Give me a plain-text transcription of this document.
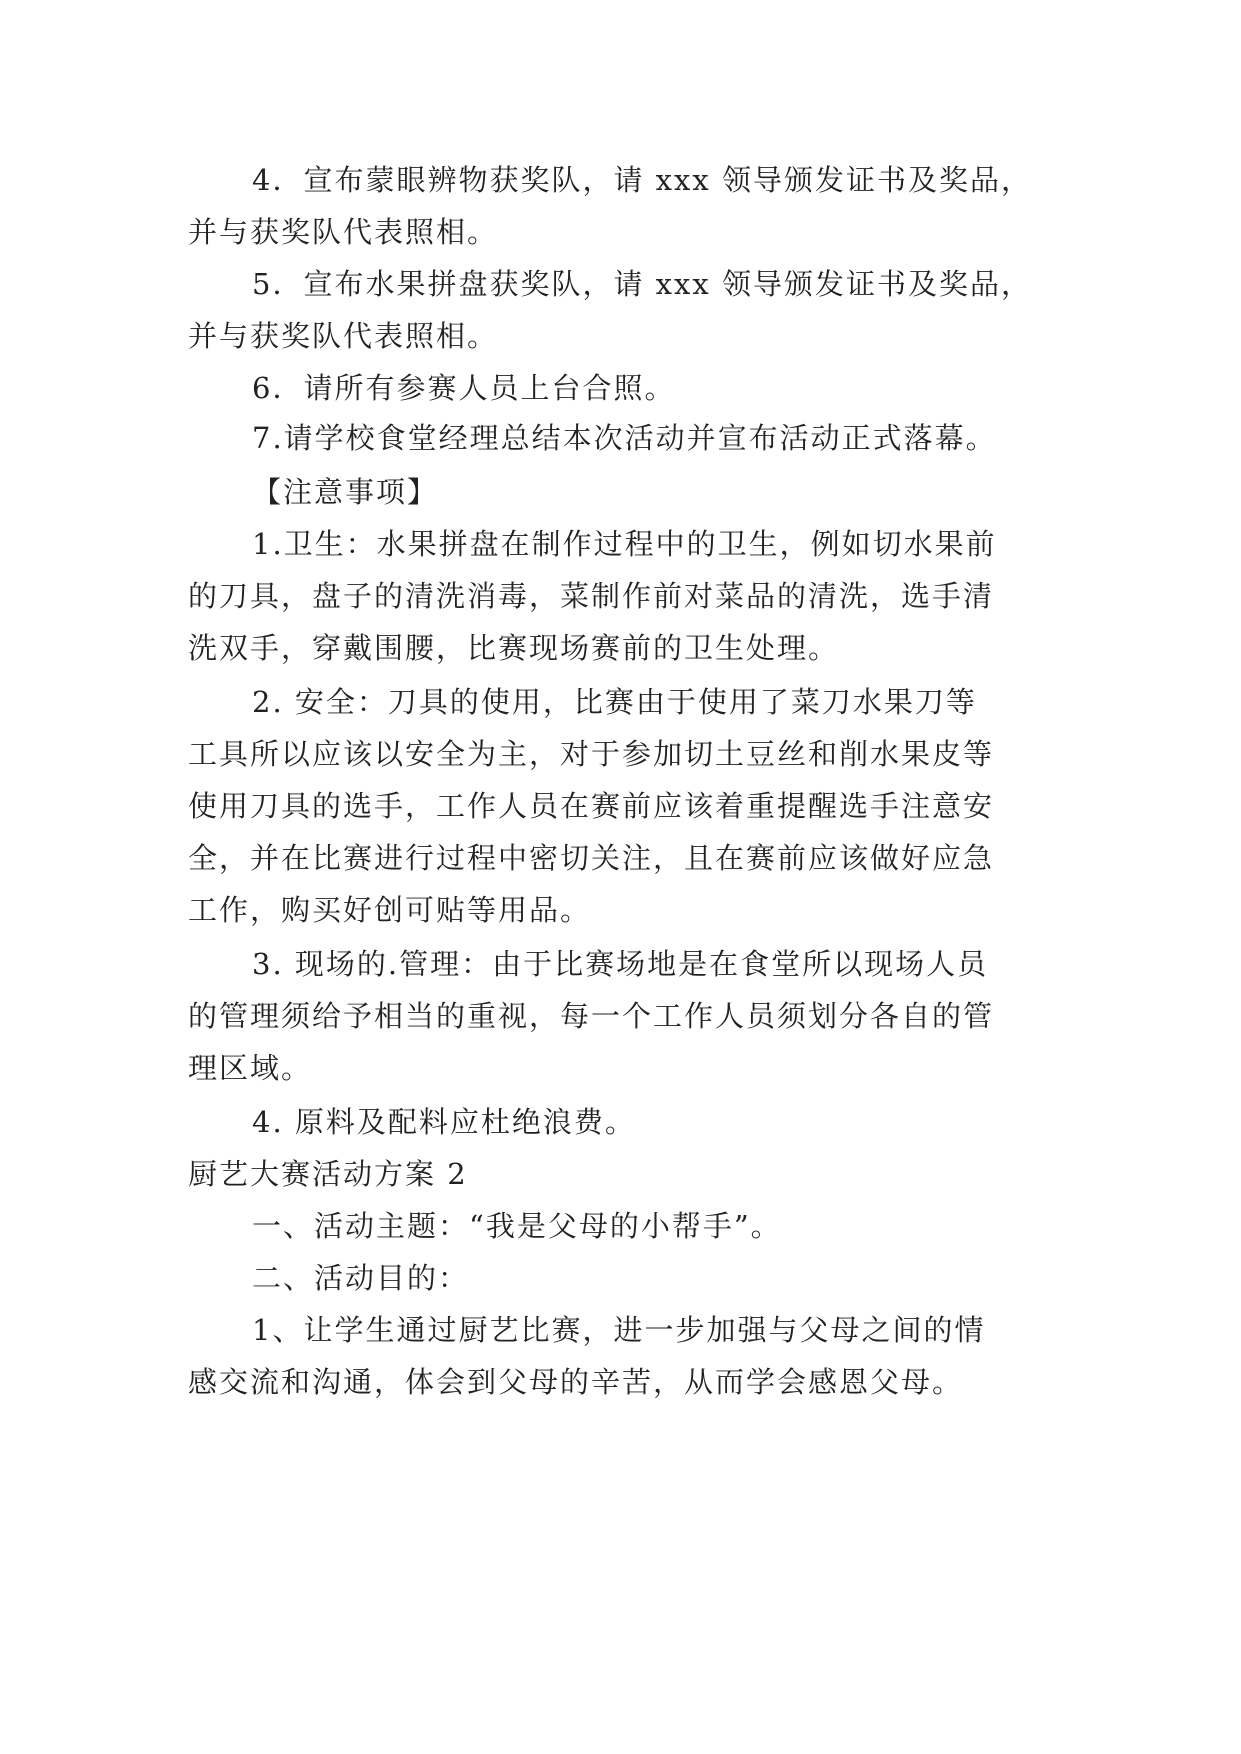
4．宣布蒙眼辨物获奖队，请 xxx 领导颁发证书及奖品，
并与获奖队代表照相。
5．宣布水果拼盘获奖队，请 xxx 领导颁发证书及奖品，
并与获奖队代表照相。
6．请所有参赛人员上台合照。
7.请学校食堂经理总结本次活动并宣布活动正式落幕。
【注意事项】
1.卫生：水果拼盘在制作过程中的卫生，例如切水果前
的刀具，盘子的清洗消毒，菜制作前对菜品的清洗，选手清
洗双手，穿戴围腰，比赛现场赛前的卫生处理。
2. 安全：刀具的使用，比赛由于使用了菜刀水果刀等
工具所以应该以安全为主，对于参加切土豆丝和削水果皮等
使用刀具的选手，工作人员在赛前应该着重提醒选手注意安
全，并在比赛进行过程中密切关注，且在赛前应该做好应急
工作，购买好创可贴等用品。
3. 现场的.管理：由于比赛场地是在食堂所以现场人员
的管理须给予相当的重视，每一个工作人员须划分各自的管
理区域。
4. 原料及配料应杜绝浪费。
厨艺大赛活动方案 2
一、活动主题：“我是父母的小帮手”。
二、活动目的：
1、让学生通过厨艺比赛，进一步加强与父母之间的情
感交流和沟通，体会到父母的辛苦，从而学会感恩父母。
